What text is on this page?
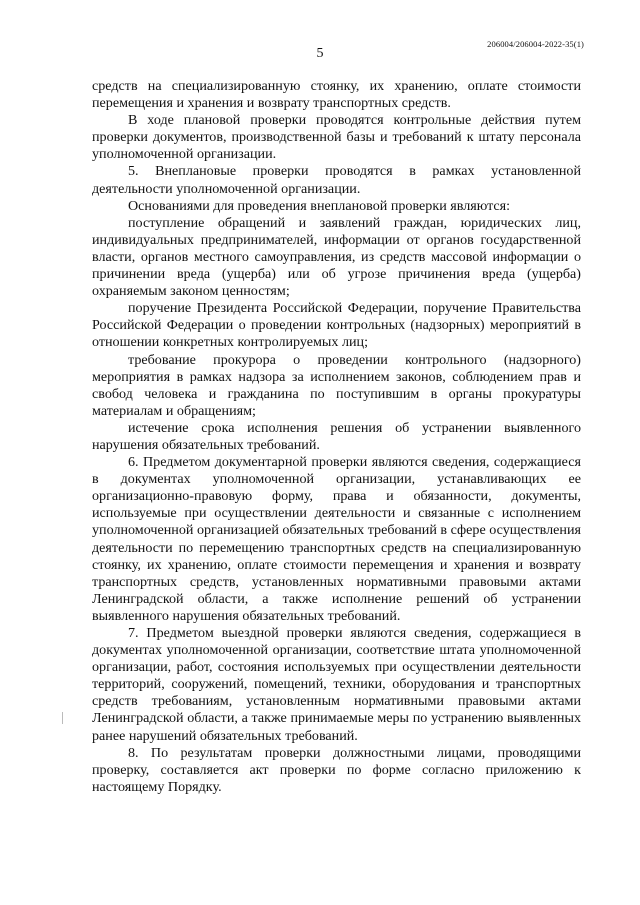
206004/206004-2022-35(1)
5

средств на специализированную стоянку, их хранению, оплате стоимости перемещения и хранения и возврату транспортных средств.

В ходе плановой проверки проводятся контрольные действия путем проверки документов, производственной базы и требований к штату персонала уполномоченной организации.

5. Внеплановые проверки проводятся в рамках установленной деятельности уполномоченной организации.

Основаниями для проведения внеплановой проверки являются:

поступление обращений и заявлений граждан, юридических лиц, индивидуальных предпринимателей, информации от органов государственной власти, органов местного самоуправления, из средств массовой информации о причинении вреда (ущерба) или об угрозе причинения вреда (ущерба) охраняемым законом ценностям;

поручение Президента Российской Федерации, поручение Правительства Российской Федерации о проведении контрольных (надзорных) мероприятий в отношении конкретных контролируемых лиц;

требование прокурора о проведении контрольного (надзорного) мероприятия в рамках надзора за исполнением законов, соблюдением прав и свобод человека и гражданина по поступившим в органы прокуратуры материалам и обращениям;

истечение срока исполнения решения об устранении выявленного нарушения обязательных требований.

6. Предметом документарной проверки являются сведения, содержащиеся в документах уполномоченной организации, устанавливающих ее организационно-правовую форму, права и обязанности, документы, используемые при осуществлении деятельности и связанные с исполнением уполномоченной организацией обязательных требований в сфере осуществления деятельности по перемещению транспортных средств на специализированную стоянку, их хранению, оплате стоимости перемещения и хранения и возврату транспортных средств, установленных нормативными правовыми актами Ленинградской области, а также исполнение решений об устранении выявленного нарушения обязательных требований.

7. Предметом выездной проверки являются сведения, содержащиеся в документах уполномоченной организации, соответствие штата уполномоченной организации, работ, состояния используемых при осуществлении деятельности территорий, сооружений, помещений, техники, оборудования и транспортных средств требованиям, установленным нормативными правовыми актами Ленинградской области, а также принимаемые меры по устранению выявленных ранее нарушений обязательных требований.

8. По результатам проверки должностными лицами, проводящими проверку, составляется акт проверки по форме согласно приложению к настоящему Порядку.
